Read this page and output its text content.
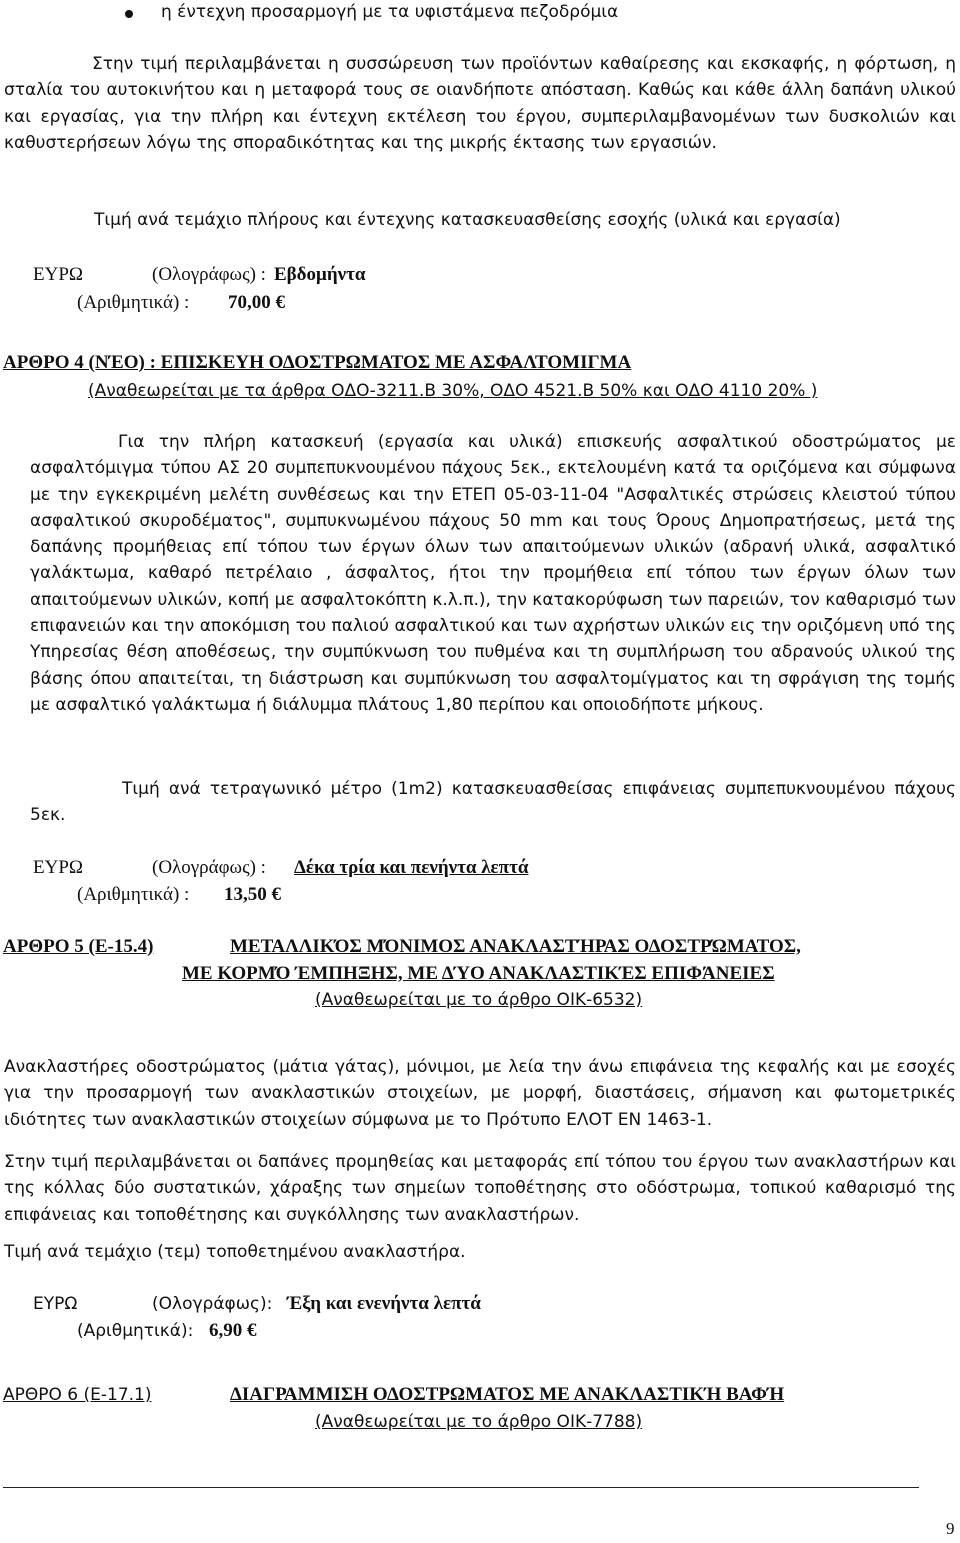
η έντεχνη προσαρμογή με τα υφιστάμενα πεζοδρόμια
Στην τιμή περιλαμβάνεται η συσσώρευση των προϊόντων καθαίρεσης και εκσκαφής, η φόρτωση, η σταλία του αυτοκινήτου και η μεταφορά τους σε οιανδήποτε απόσταση. Καθώς και κάθε άλλη δαπάνη υλικού και εργασίας, για την πλήρη και έντεχνη εκτέλεση του έργου, συμπεριλαμβανομένων των δυσκολιών και καθυστερήσεων λόγω της σποραδικότητας και της μικρής έκτασης των εργασιών.
Τιμή ανά τεμάχιο πλήρους και έντεχνης κατασκευασθείσης εσοχής (υλικά και εργασία)
ΕΥΡΩ	(Ολογράφως) : Εβδομήντα
(Αριθμητικά) : 70,00 €
ΑΡΘΡΟ 4 (ΝΈΟ) : ΕΠΙΣΚΕΥΗ ΟΔΟΣΤΡΩΜΑΤΟΣ ΜΕ ΑΣΦΑΛΤΟΜΙΓΜΑ
(Αναθεωρείται με τα άρθρα ΟΔΟ-3211.Β 30%, ΟΔΟ 4521.Β 50% και ΟΔΟ 4110 20% )
Για την πλήρη κατασκευή (εργασία και υλικά) επισκευής ασφαλτικού οδοστρώματος με ασφαλτόμιγμα τύπου ΑΣ 20 συμπεπυκνουμένου πάχους 5εκ., εκτελουμένη κατά τα οριζόμενα και σύμφωνα με την εγκεκριμένη μελέτη συνθέσεως και την ΕΤΕΠ 05-03-11-04 "Ασφαλτικές στρώσεις κλειστού τύπου ασφαλτικού σκυροδέματος", συμπυκνωμένου πάχους 50 mm και τους Όρους Δημοπρατήσεως, μετά της δαπάνης προμήθειας επί τόπου των έργων όλων των απαιτούμενων υλικών (αδρανή υλικά, ασφαλτικό γαλάκτωμα, καθαρό πετρέλαιο , άσφαλτος, ήτοι την προμήθεια επί τόπου των έργων όλων των απαιτούμενων υλικών, κοπή με ασφαλτοκόπτη κ.λ.π.), την κατακορύφωση των παρειών, τον καθαρισμό των επιφανειών και την αποκόμιση του παλιού ασφαλτικού και των αχρήστων υλικών εις την οριζόμενη υπό της Υπηρεσίας θέση αποθέσεως, την συμπύκνωση του πυθμένα και τη συμπλήρωση του αδρανούς υλικού της βάσης όπου απαιτείται, τη διάστρωση και συμπύκνωση του ασφαλτομίγματος και τη σφράγιση της τομής με ασφαλτικό γαλάκτωμα ή διάλυμμα πλάτους 1,80 περίπου και οποιοδήποτε μήκους.
Τιμή ανά τετραγωνικό μέτρο (1m2) κατασκευασθείσας επιφάνειας συμπεπυκνουμένου πάχους 5εκ.
ΕΥΡΩ	(Ολογράφως) : Δέκα τρία και πενήντα λεπτά
(Αριθμητικά) : 13,50 €
ΑΡΘΡΟ 5 (Ε-15.4)	ΜΕΤΑΛΛΙΚΌΣ ΜΌΝΙΜΟΣ ΑΝΑΚΛΑΣΤΉΡΑΣ ΟΔΟΣΤΡΏΜΑΤΟΣ,
ΜΕ ΚΟΡΜΌ ΈΜΠΗΞΗΣ, ΜΕ ΔΎΟ ΑΝΑΚΛΑΣΤΙΚΈΣ ΕΠΙΦΆΝΕΙΕΣ
(Αναθεωρείται με το άρθρο ΟΙΚ-6532)
Ανακλαστήρες οδοστρώματος (μάτια γάτας), μόνιμοι, με λεία την άνω επιφάνεια της κεφαλής και με εσοχές για την προσαρμογή των ανακλαστικών στοιχείων, με μορφή, διαστάσεις, σήμανση και φωτομετρικές ιδιότητες των ανακλαστικών στοιχείων σύμφωνα με το Πρότυπο ΕΛΟΤ ΕΝ 1463-1.
Στην τιμή περιλαμβάνεται οι δαπάνες προμηθείας και μεταφοράς επί τόπου του έργου των ανακλαστήρων και της κόλλας δύο συστατικών, χάραξης των σημείων τοποθέτησης στο οδόστρωμα, τοπικού καθαρισμό της επιφάνειας και τοποθέτησης και συγκόλλησης των ανακλαστήρων.
Τιμή ανά τεμάχιο (τεμ) τοποθετημένου ανακλαστήρα.
ΕΥΡΩ	(Ολογράφως): Έξη και ενενήντα λεπτά
(Αριθμητικά): 6,90 €
ΑΡΘΡΟ 6 (Ε-17.1)	ΔΙΑΓΡΑΜΜΙΣΗ ΟΔΟΣΤΡΩΜΑΤΟΣ ΜΕ ΑΝΑΚΛΑΣΤΙΚΉ ΒΑΦΉ
(Αναθεωρείται με το άρθρο ΟΙΚ-7788)
9
